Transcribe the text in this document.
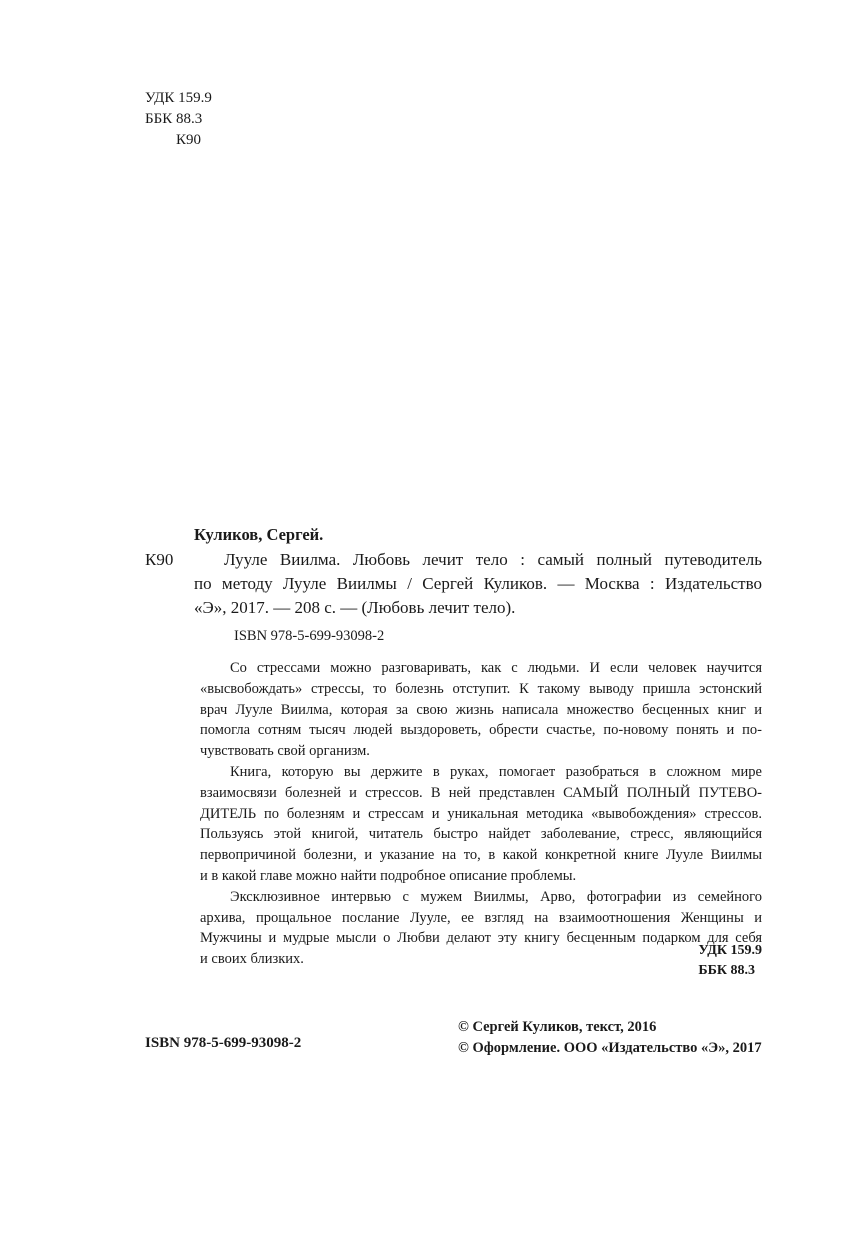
УДК 159.9
ББК 88.3
К90
Куликов, Сергей.
К90	Лууле Виилма. Любовь лечит тело : самый полный путеводитель
по методу Лууле Виилмы / Сергей Куликов. — Москва : Издательство
«Э», 2017. — 208 с. — (Любовь лечит тело).
ISBN 978-5-699-93098-2
Со стрессами можно разговаривать, как с людьми. И если человек научится
«высвобождать» стрессы, то болезнь отступит. К такому выводу пришла эстонский
врач Лууле Виилма, которая за свою жизнь написала множество бесценных книг и
помогла сотням тысяч людей выздороветь, обрести счастье, по-новому понять и по-
чувствовать свой организм.
Книга, которую вы держите в руках, помогает разобраться в сложном мире
взаимосвязи болезней и стрессов. В ней представлен САМЫЙ ПОЛНЫЙ ПУТЕВО-
ДИТЕЛЬ по болезням и стрессам и уникальная методика «вывобождения» стрессов.
Пользуясь этой книгой, читатель быстро найдет заболевание, стресс, являющийся
первопричиной болезни, и указание на то, в какой конкретной книге Лууле Виилмы
и в какой главе можно найти подробное описание проблемы.
Эксклюзивное интервью с мужем Виилмы, Арво, фотографии из семейного
архива, прощальное послание Лууле, ее взгляд на взаимоотношения Женщины и
Мужчины и мудрые мысли о Любви делают эту книгу бесценным подарком для себя
и своих близких.
УДК 159.9
ББК 88.3
ISBN 978-5-699-93098-2
© Сергей Куликов, текст, 2016
© Оформление. ООО «Издательство «Э», 2017
